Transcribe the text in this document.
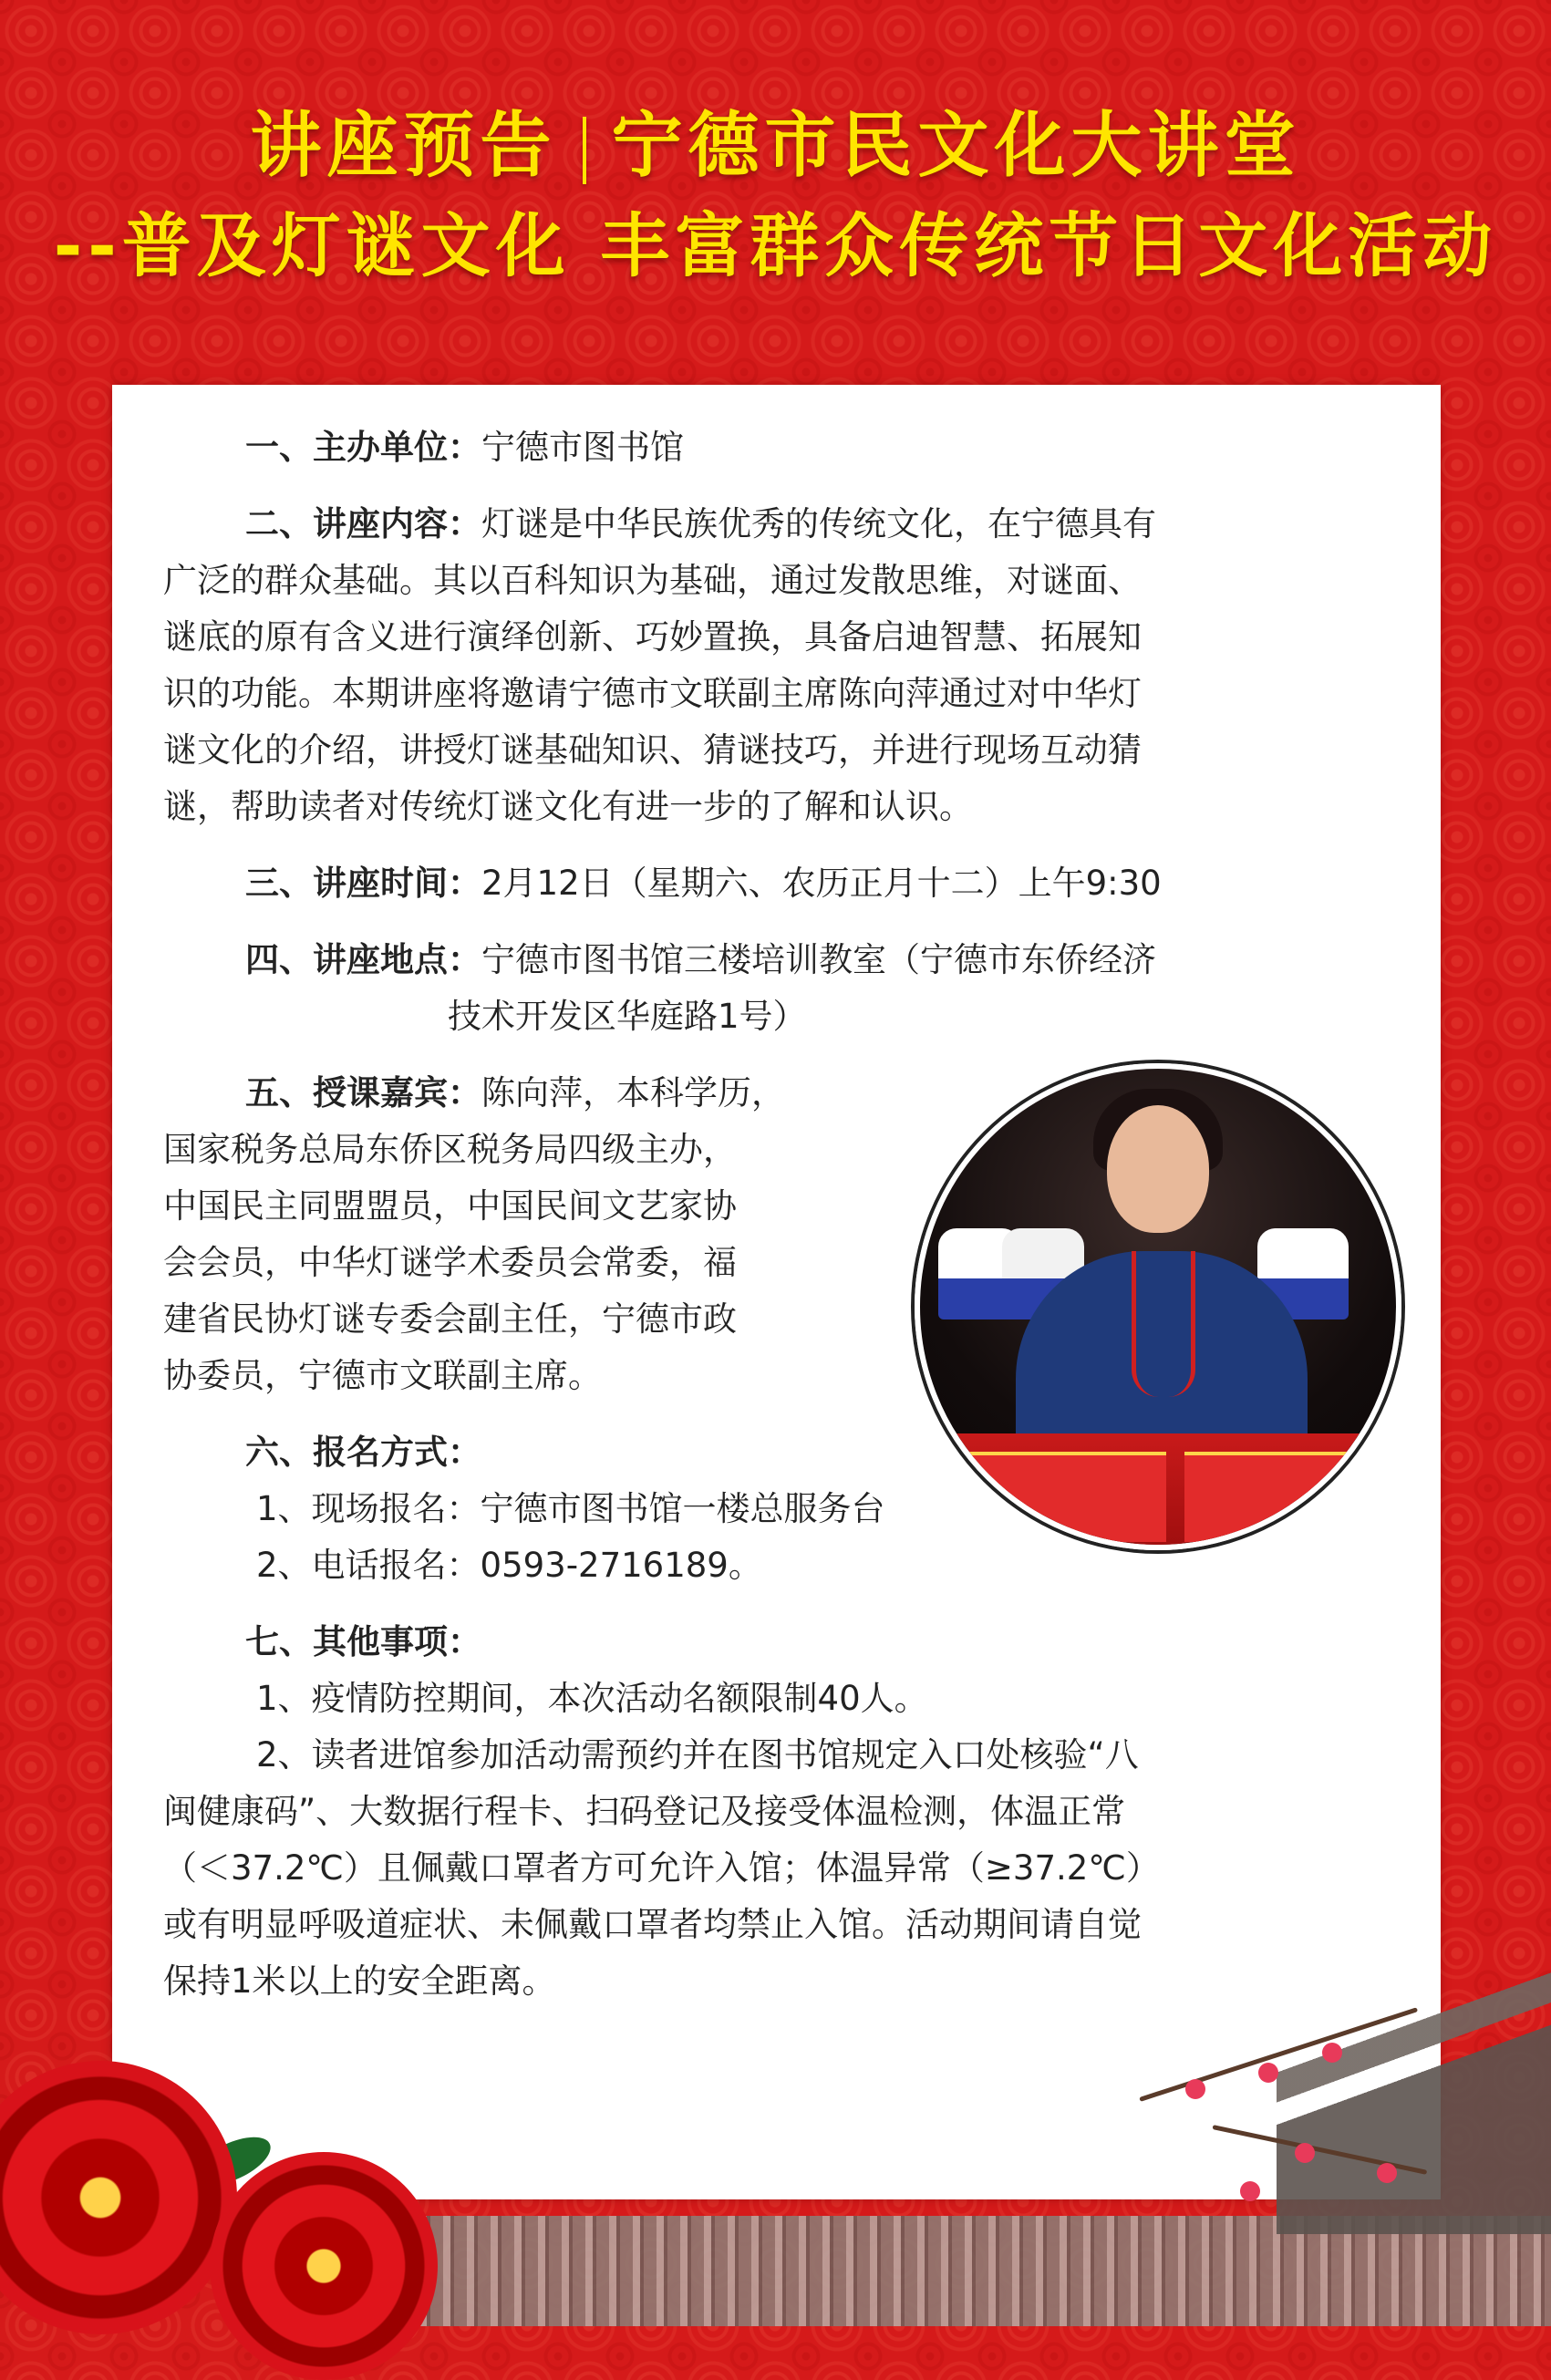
讲座预告 宁德市民文化大讲堂
--普及灯谜文化 丰富群众传统节日文化活动

一、主办单位：宁德市图书馆

二、讲座内容：灯谜是中华民族优秀的传统文化，在宁德具有

广泛的群众基础。其以百科知识为基础，通过发散思维，对谜面、

谜底的原有含义进行演绎创新、巧妙置换，具备启迪智慧、拓展知

识的功能。本期讲座将邀请宁德市文联副主席陈向萍通过对中华灯

谜文化的介绍，讲授灯谜基础知识、猜谜技巧，并进行现场互动猜

谜，帮助读者对传统灯谜文化有进一步的了解和认识。

三、讲座时间：2月12日（星期六、农历正月十二）上午9:30

四、讲座地点：宁德市图书馆三楼培训教室（宁德市东侨经济

技术开发区华庭路1号）

五、授课嘉宾：陈向萍，本科学历，

国家税务总局东侨区税务局四级主办，

中国民主同盟盟员，中国民间文艺家协

会会员，中华灯谜学术委员会常委，福

建省民协灯谜专委会副主任，宁德市政

协委员，宁德市文联副主席。

六、报名方式：

1、现场报名：宁德市图书馆一楼总服务台

2、电话报名：0593-2716189。

七、其他事项：

1、疫情防控期间，本次活动名额限制40人。

2、读者进馆参加活动需预约并在图书馆规定入口处核验“八

闽健康码”、大数据行程卡、扫码登记及接受体温检测，体温正常

（＜37.2℃）且佩戴口罩者方可允许入馆；体温异常（≥37.2℃）

或有明显呼吸道症状、未佩戴口罩者均禁止入馆。活动期间请自觉

保持1米以上的安全距离。
